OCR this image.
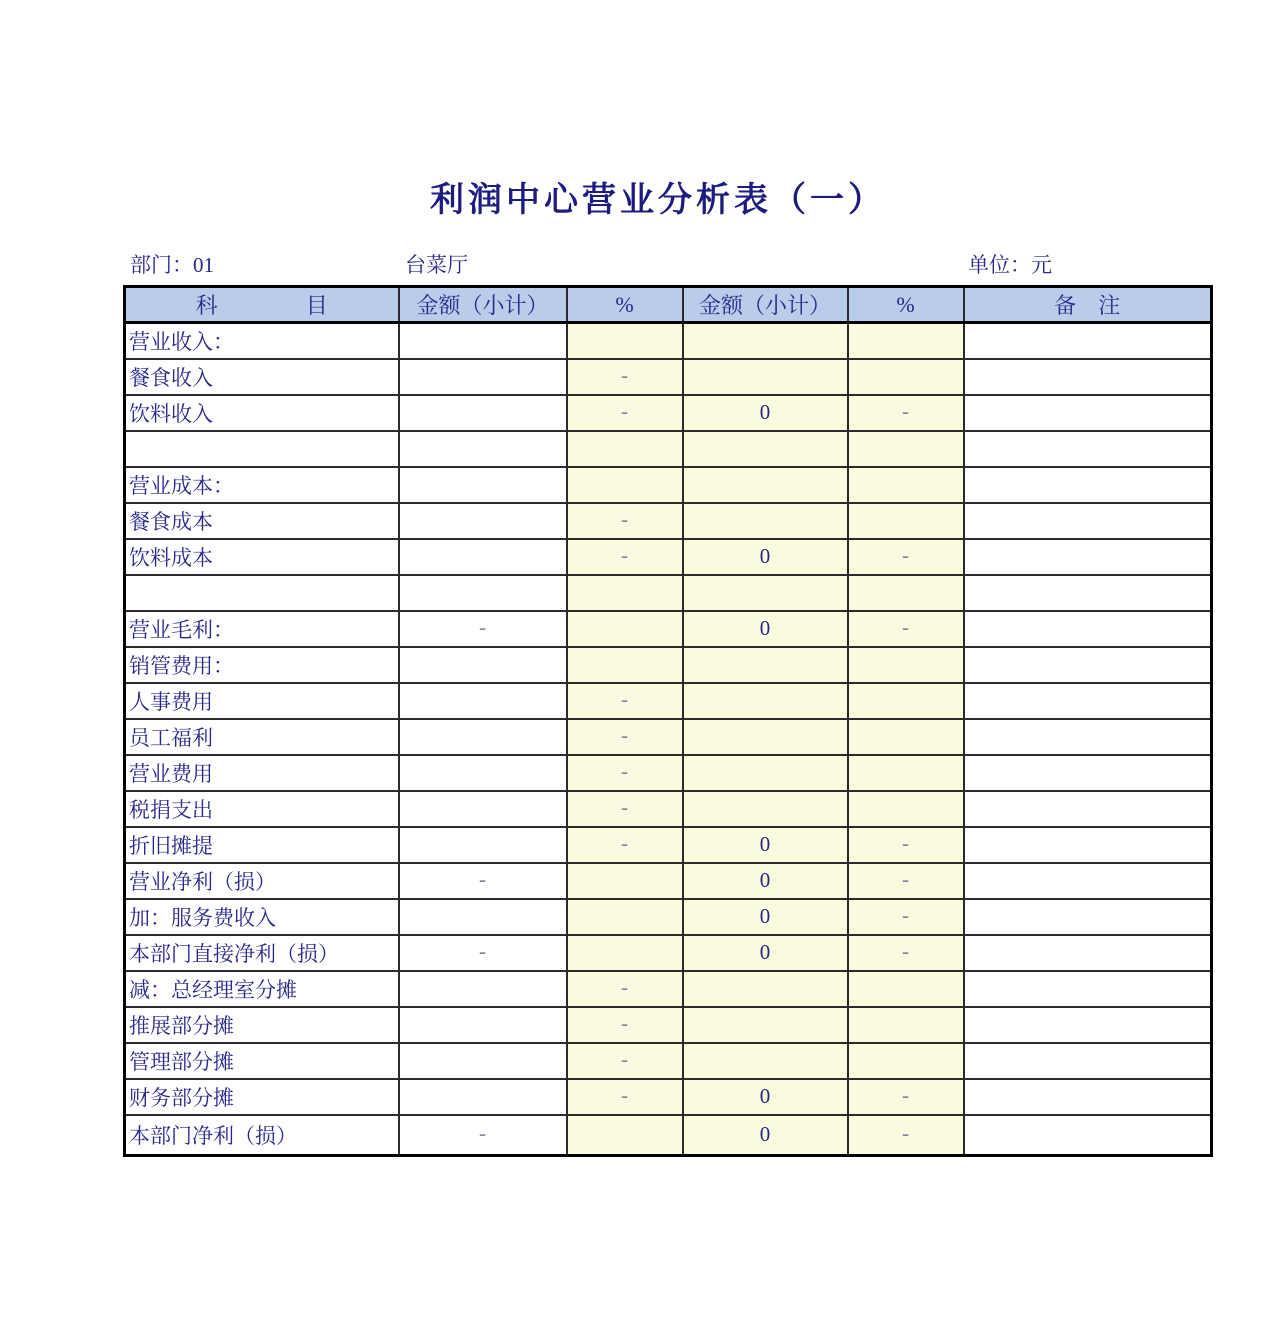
利润中心营业分析表（一）
部门：01	台菜厅	单位：元
科　　　　目	金额（小计）	%	金额（小计）	%	备　注
营业收入：					
餐食收入		-			
饮料收入		-	0	-	

营业成本：					
餐食成本		-			
饮料成本		-	0	-	

营业毛利：	-		0	-	
销管费用：					
人事费用		-			
员工福利		-			
营业费用		-			
税捐支出		-			
折旧摊提		-	0	-	
营业净利（损）	-		0	-	
加：服务费收入			0	-	
本部门直接净利（损）	-		0	-	
减：总经理室分摊		-			
推展部分摊		-			
管理部分摊		-			
财务部分摊		-	0	-	
本部门净利（损）	-		0	-	
